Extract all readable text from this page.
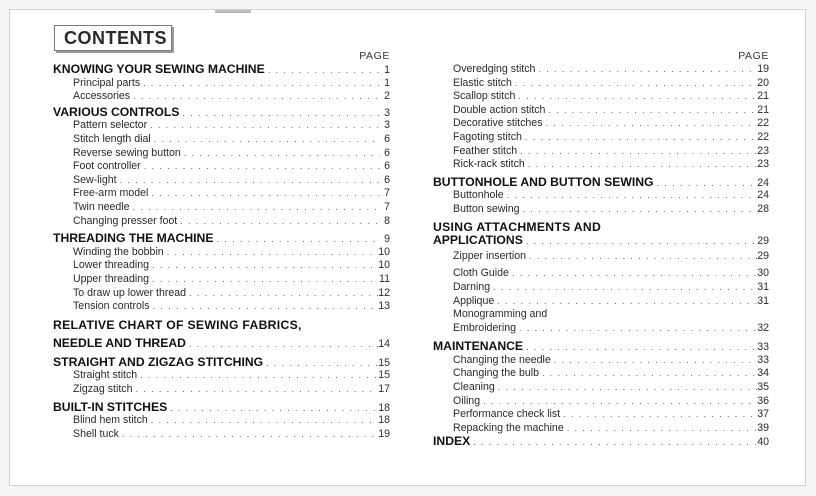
CONTENTS
PAGE
KNOWING YOUR SEWING MACHINE . . .	1
Principal parts . . .	1
Accessories . . .	2
VARIOUS CONTROLS . . .	3
Pattern selector . . .	3
Stitch length dial . . .	6
Reverse sewing button . . .	6
Foot controller . . .	6
Sew-light . . .	6
Free-arm model . . .	7
Twin needle . . .	7
Changing presser foot . . .	8
THREADING THE MACHINE . . .	9
Winding the bobbin . . .	10
Lower threading . . .	10
Upper threading . . .	11
To draw up lower thread . . .	12
Tension controls . . .	13
RELATIVE CHART OF SEWING FABRICS,
NEEDLE AND THREAD . . .	14
STRAIGHT AND ZIGZAG STITCHING . . .	15
Straight stitch . . .	15
Zigzag stitch . . .	17
BUILT-IN STITCHES . . .	18
Blind hem stitch . . .	18
Shell tuck . . .	19
PAGE
Overedging stitch . . .	19
Elastic stitch . . .	20
Scallop stitch . . .	21
Double action stitch . . .	21
Decorative stitches . . .	22
Fagoting stitch . . .	22
Feather stitch . . .	23
Rick-rack stitch . . .	23
BUTTONHOLE AND BUTTON SEWING . . .	24
Buttonhole . . .	24
Button sewing . . .	28
USING ATTACHMENTS AND
APPLICATIONS . . .	29
Zipper insertion . . .	29
Cloth Guide . . .	30
Darning . . .	31
Applique . . .	31
Monogramming and
Embroidering . . .	32
MAINTENANCE . . .	33
Changing the needle . . .	33
Changing the bulb . . .	34
Cleaning . . .	35
Oiling . . .	36
Performance check list . . .	37
Repacking the machine . . .	39
INDEX . . .	40
